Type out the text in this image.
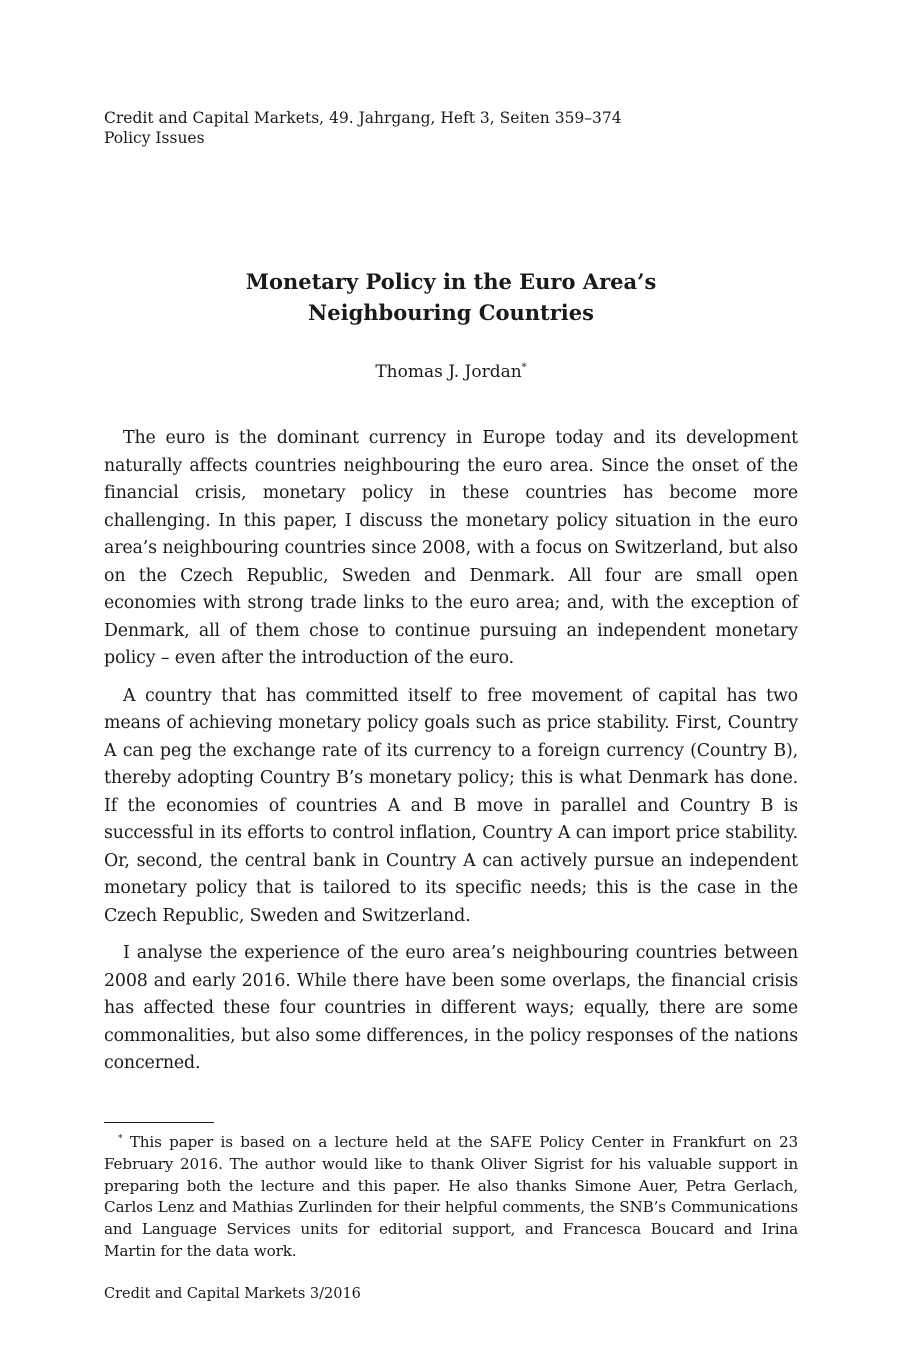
Credit and Capital Markets, 49. Jahrgang, Heft 3, Seiten 359–374
Policy Issues
Monetary Policy in the Euro Area’s
Neighbouring Countries
Thomas J. Jordan*

The euro is the dominant currency in Europe today and its development naturally affects countries neighbouring the euro area. Since the onset of the financial crisis, monetary policy in these countries has become more challenging. In this paper, I discuss the monetary policy situation in the euro area’s neighbouring countries since 2008, with a focus on Switzerland, but also on the Czech Republic, Sweden and Denmark. All four are small open economies with strong trade links to the euro area; and, with the exception of Denmark, all of them chose to continue pursuing an independent monetary policy – even after the introduction of the euro.

A country that has committed itself to free movement of capital has two means of achieving monetary policy goals such as price stability. First, Country A can peg the exchange rate of its currency to a foreign currency (Country B), thereby adopting Country B’s monetary policy; this is what Denmark has done. If the economies of countries A and B move in parallel and Country B is successful in its efforts to control inflation, Country A can import price stability. Or, second, the central bank in Country A can actively pursue an independent monetary policy that is tailored to its specific needs; this is the case in the Czech Republic, Sweden and Switzerland.

I analyse the experience of the euro area’s neighbouring countries between 2008 and early 2016. While there have been some overlaps, the financial crisis has affected these four countries in different ways; equally, there are some commonalities, but also some differences, in the policy responses of the nations concerned.

* This paper is based on a lecture held at the SAFE Policy Center in Frankfurt on 23 February 2016. The author would like to thank Oliver Sigrist for his valuable support in preparing both the lecture and this paper. He also thanks Simone Auer, Petra Gerlach, Carlos Lenz and Mathias Zurlinden for their helpful comments, the SNB’s Communications and Language Services units for editorial support, and Francesca Boucard and Irina Martin for the data work.

Credit and Capital Markets 3/2016
